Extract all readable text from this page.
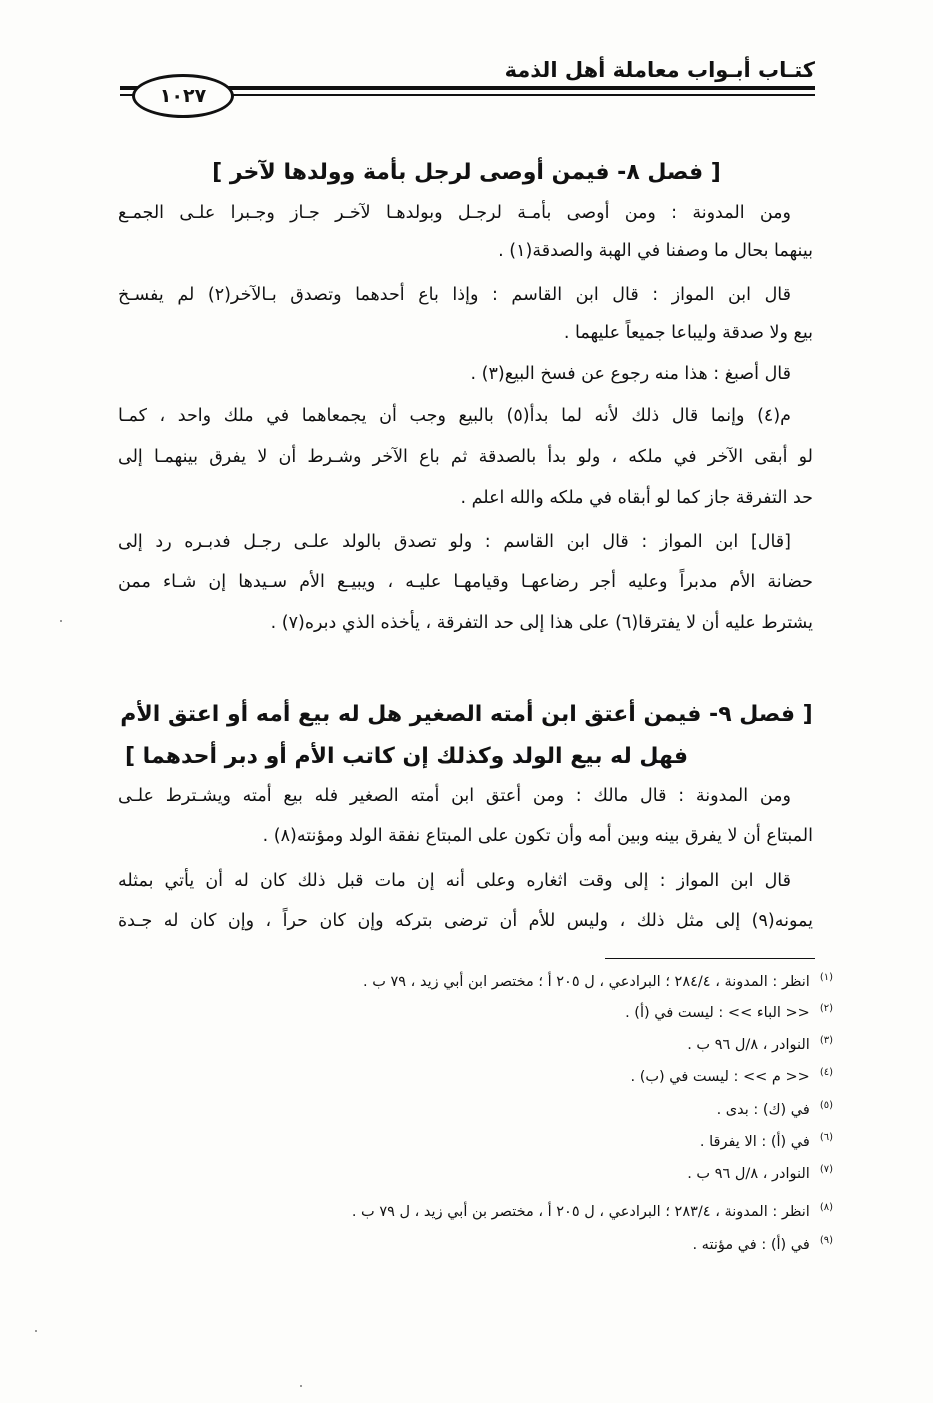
كتـاب أبـواب معاملة أهل الذمة
١٠٢٧
[ فصل ٨- فيمن أوصى لرجل بأمة وولدها لآخر ]
ومن المدونة : ومن أوصى بأمـة لرجـل وبولدهـا لآخـر جـاز وجـبرا علـى الجمـع
بينهما بحال ما وصفنا في الهبة والصدقة(١) .
قال ابن المواز : قال ابن القاسم : وإذا باع أحدهما وتصدق بـالآخر(٢) لم يفسـخ
بيع ولا صدقة وليباعا جميعاً عليهما .
قال أصبغ : هذا منه رجوع عن فسخ البيع(٣) .
م(٤) وإنما قال ذلك لأنه لما بدأ(٥) بالبيع وجب أن يجمعاهما في ملك واحد ، كمـا
لو أبقى الآخر في ملكه ، ولو بدأ بالصدقة ثم باع الآخر وشـرط أن لا يفرق بينهمـا إلى
حد التفرقة جاز كما لو أبقاه في ملكه والله اعلم .
[قال] ابن المواز : قال ابن القاسم : ولو تصدق بالولد علـى رجـل فدبـره رد إلى
حضانة الأم مدبراً وعليه أجر رضاعهـا وقيامهـا عليـه ، ويبيـع الأم سـيدها إن شـاء ممن
يشترط عليه أن لا يفترقا(٦) على هذا إلى حد التفرقة ، يأخذه الذي دبره(٧) .
[ فصل ٩- فيمن أعتق ابن أمته الصغير هل له بيع أمه أو اعتق الأم
فهل له بيع الولد وكذلك إن كاتب الأم أو دبر أحدهما ]
ومن المدونة : قال مالك : ومن أعتق ابن أمته الصغير فله بيع أمته ويشـترط علـى
المبتاع أن لا يفرق بينه وبين أمه وأن تكون على المبتاع نفقة الولد ومؤنته(٨) .
قال ابن المواز : إلى وقت اثغاره وعلى أنه إن مات قبل ذلك كان له أن يأتي بمثله
يمونه(٩) إلى مثل ذلك ، وليس للأم أن ترضى بتركه وإن كان حراً ، وإن كان له جـدة
$^{(١)}$انظر : المدونة ، ٢٨٤/٤ ؛ البرادعي ، ل ٢٠٥ أ ؛ مختصر ابن أبي زيد ، ٧٩ ب .
$^{(٢)}$<< الباء >> : ليست في (أ) .
$^{(٣)}$النوادر ، ٨/ل ٩٦ ب .
$^{(٤)}$<< م >> : ليست في (ب) .
$^{(٥)}$في (ك) : بدى .
$^{(٦)}$في (أ) : الا يفرقا .
$^{(٧)}$النوادر ، ٨/ل ٩٦ ب .
$^{(٨)}$انظر : المدونة ، ٢٨٣/٤ ؛ البرادعي ، ل ٢٠٥ أ ، مختصر بن أبي زيد ، ل ٧٩ ب .
$^{(٩)}$في (أ) : في مؤنته .
